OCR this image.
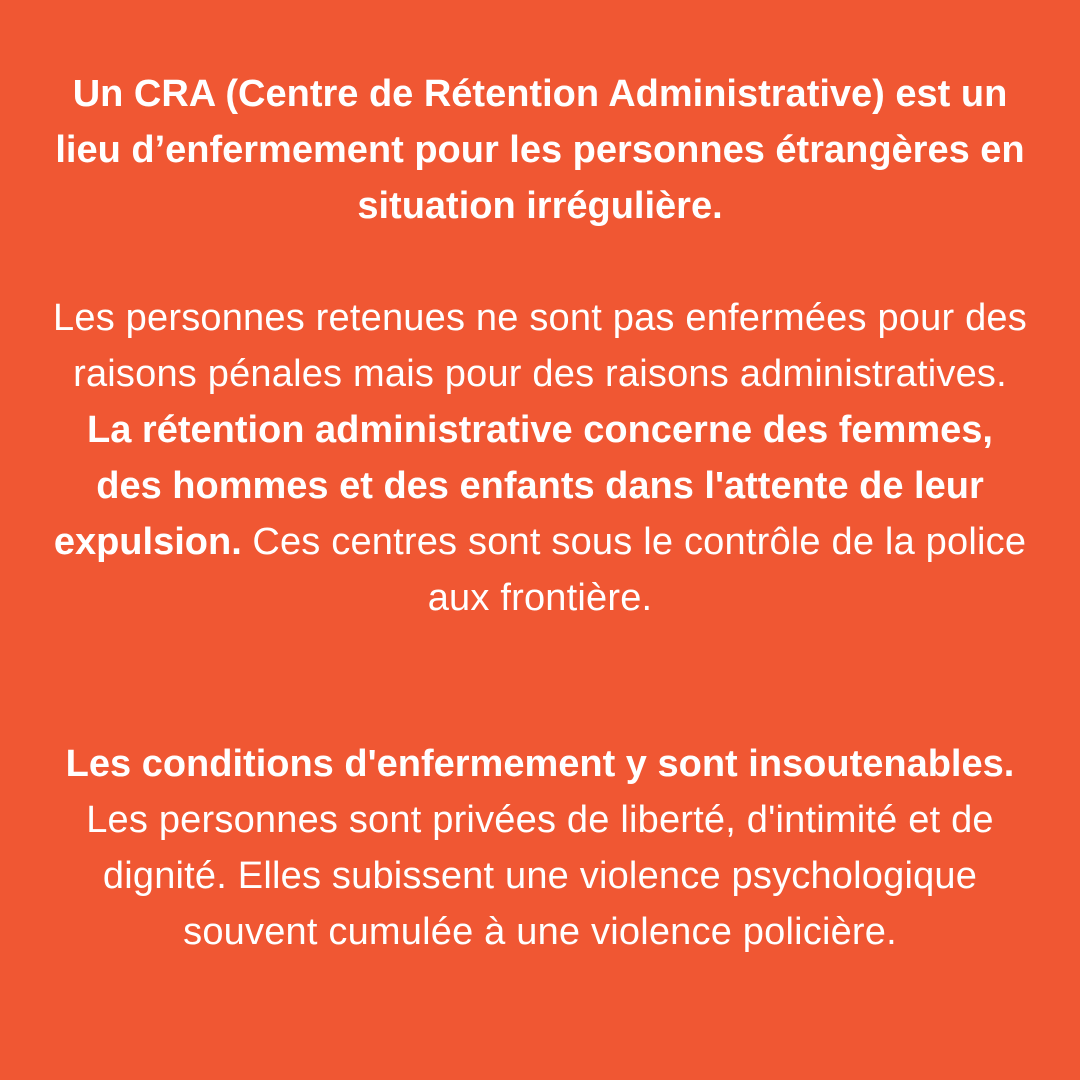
Un CRA (Centre de Rétention Administrative) est un lieu d’enfermement pour les personnes étrangères en situation irrégulière.

Les personnes retenues ne sont pas enfermées pour des raisons pénales mais pour des raisons administratives. La rétention administrative concerne des femmes, des hommes et des enfants dans l'attente de leur expulsion. Ces centres sont sous le contrôle de la police aux frontière.

Les conditions d'enfermement y sont insoutenables. Les personnes sont privées de liberté, d'intimité et de dignité. Elles subissent une violence psychologique souvent cumulée à une violence policière.
